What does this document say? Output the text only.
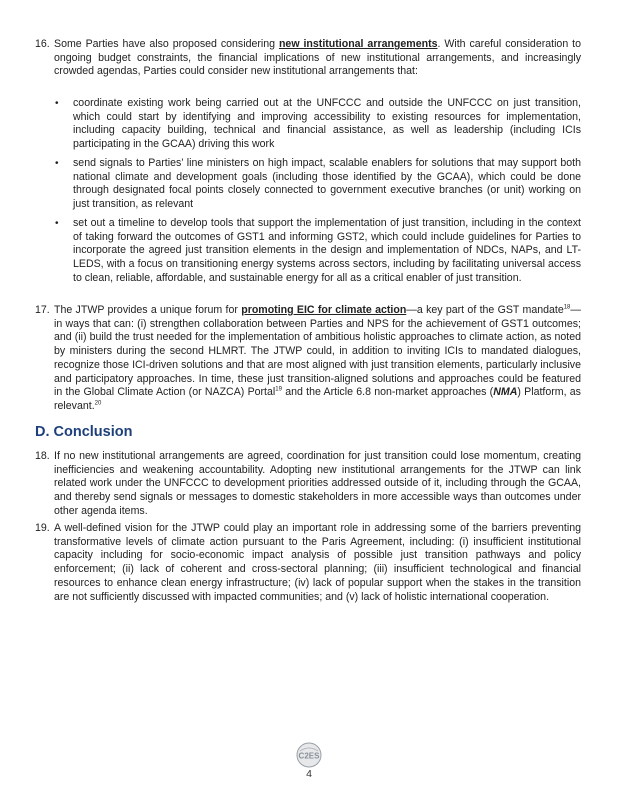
16. Some Parties have also proposed considering new institutional arrangements. With careful consideration to ongoing budget constraints, the financial implications of new institutional arrangements, and increasingly crowded agendas, Parties could consider new institutional arrangements that:
• coordinate existing work being carried out at the UNFCCC and outside the UNFCCC on just transition, which could start by identifying and improving accessibility to existing resources for implementation, including capacity building, technical and financial assistance, as well as leadership (including ICIs participating in the GCAA) driving this work
• send signals to Parties’ line ministers on high impact, scalable enablers for solutions that may support both national climate and development goals (including those identified by the GCAA), which could be done through designated focal points closely connected to government executive branches (or unit) working on just transition, as relevant
• set out a timeline to develop tools that support the implementation of just transition, including in the context of taking forward the outcomes of GST1 and informing GST2, which could include guidelines for Parties to incorporate the agreed just transition elements in the design and implementation of NDCs, NAPs, and LT-LEDS, with a focus on transitioning energy systems across sectors, including by facilitating universal access to clean, reliable, affordable, and sustainable energy for all as a critical enabler of just transition.
17. The JTWP provides a unique forum for promoting EIC for climate action—a key part of the GST mandate$^{18}$—in ways that can: (i) strengthen collaboration between Parties and NPS for the achievement of GST1 outcomes; and (ii) build the trust needed for the implementation of ambitious holistic approaches to climate action, as noted by ministers during the second HLMRT. The JTWP could, in addition to inviting ICIs to mandated dialogues, recognize those ICI-driven solutions and that are most aligned with just transition elements, particularly inclusive and participatory approaches. In time, these just transition-aligned solutions and approaches could be featured in the Global Climate Action (or NAZCA) Portal$^{19}$ and the Article 6.8 non-market approaches (NMA) Platform, as relevant.$^{20}$
D. Conclusion
18. If no new institutional arrangements are agreed, coordination for just transition could lose momentum, creating inefficiencies and weakening accountability. Adopting new institutional arrangements for the JTWP can link related work under the UNFCCC to development priorities addressed outside of it, including through the GCAA, and thereby send signals or messages to domestic stakeholders in more accessible ways than outcomes under other agenda items.
19. A well-defined vision for the JTWP could play an important role in addressing some of the barriers preventing transformative levels of climate action pursuant to the Paris Agreement, including: (i) insufficient institutional capacity including for socio-economic impact analysis of possible just transition pathways and policy enforcement; (ii) lack of coherent and cross-sectoral planning; (iii) insufficient technological and financial resources to enhance clean energy infrastructure; (iv) lack of popular support when the stakes in the transition are not sufficiently discussed with impacted communities; and (v) lack of holistic international cooperation.
C2ES
4
